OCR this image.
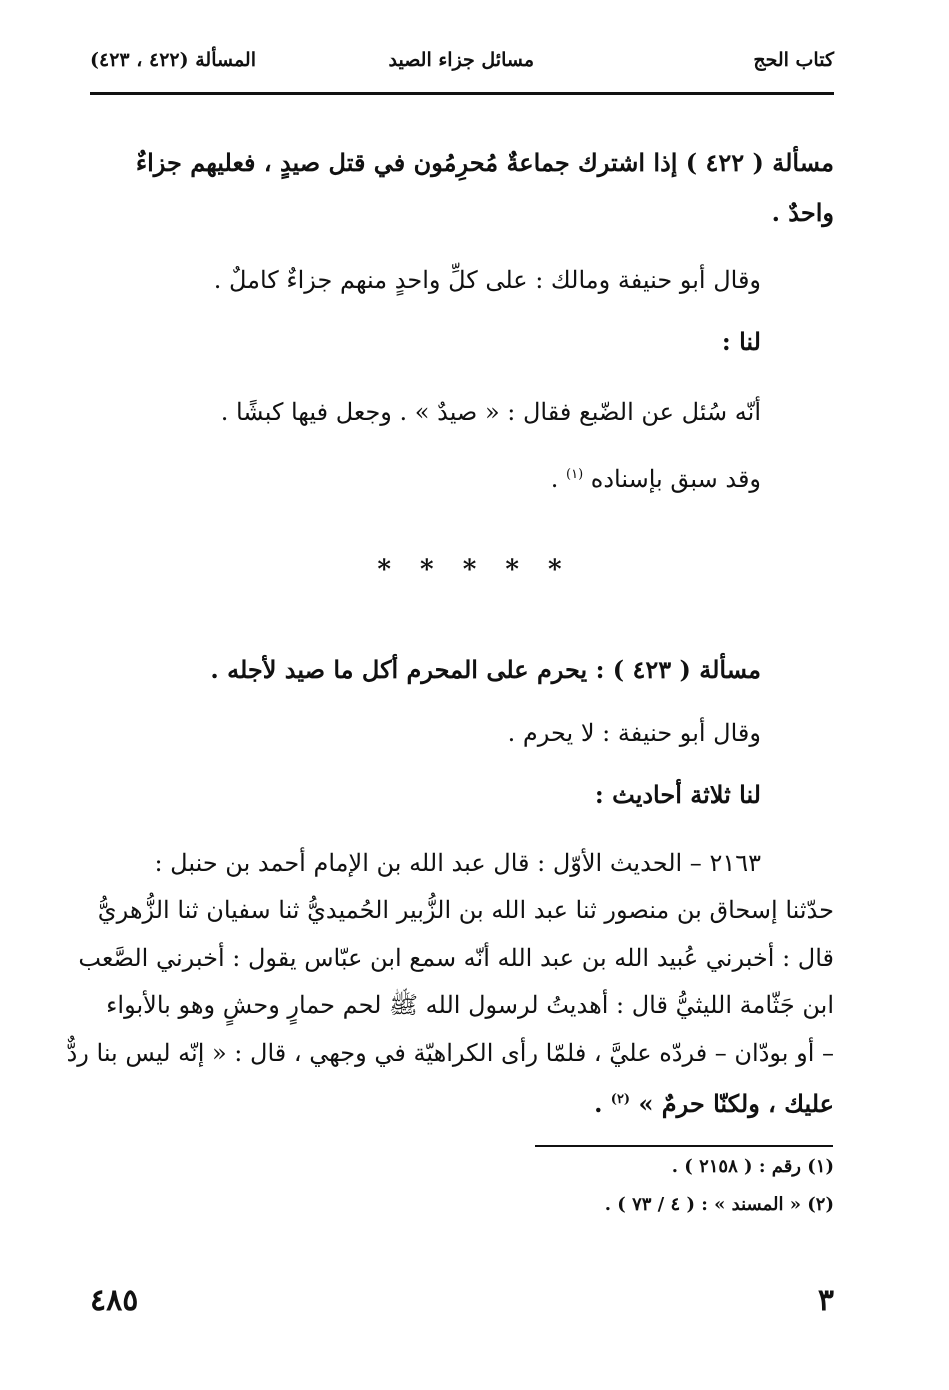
كتاب الحج
مسائل جزاء الصيد
المسألة (٤٢٢ ، ٤٢٣)
مسألة ( ٤٢٢ ) إذا اشترك جماعةٌ مُحرِمُون في قتل صيدٍ ، فعليهم جزاءٌ
واحدٌ .
وقال أبو حنيفة ومالك : على كلِّ واحدٍ منهم جزاءٌ كاملٌ .
لنا :
أنّه سُئل عن الضّبع فقال : « صيدٌ » . وجعل فيها كبشًا .
وقد سبق بإسناده $^{(١)}$ .
* * * * *
مسألة ( ٤٢٣ ) : يحرم على المحرم أكل ما صيد لأجله .
وقال أبو حنيفة : لا يحرم .
لنا ثلاثة أحاديث :
٢١٦٣ – الحديث الأوّل : قال عبد الله بن الإمام أحمد بن حنبل :
حدّثنا إسحاق بن منصور ثنا عبد الله بن الزُّبير الحُميديُّ ثنا سفيان ثنا الزُّهريُّ
قال : أخبرني عُبيد الله بن عبد الله أنّه سمع ابن عبّاس يقول : أخبرني الصَّعب
ابن جَثّامة الليثيُّ قال : أهديتُ لرسول الله ﷺ لحم حمارٍ وحشٍ وهو بالأبواء
– أو بودّان – فردّه عليَّ ، فلمّا رأى الكراهيّة في وجهي ، قال : « إنّه ليس بنا ردٌّ
عليك ، ولكنّا حرمٌ » $^{(٢)}$ .
(١) رقم : ( ٢١٥٨ ) .
(٢) « المسند » : ( ٤ / ٧٣ ) .
٣
٤٨٥
